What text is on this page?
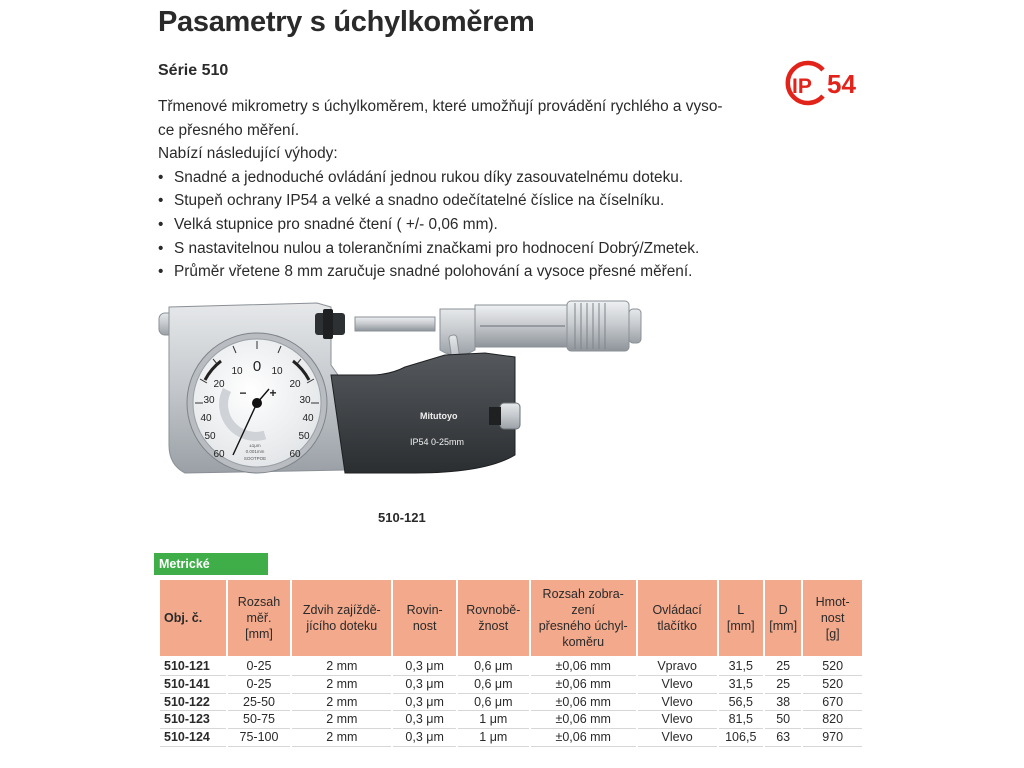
Pasametry s úchylkoměrem
Série 510
IP 54

Třmenové mikrometry s úchylkoměrem, které umožňují provádění rychlého a vyso-

ce přesného měření.

Nabízí následující výhody:

• Snadné a jednoduché ovládání jednou rukou díky zasouvatelnému doteku.
• Stupeň ochrany IP54 a velké a snadno odečítatelné číslice na číselníku.
• Velká stupnice pro snadné čtení ( +/- 0,06 mm).
• S nastavitelnou nulou a tolerančními značkami pro hodnocení Dobrý/Zmetek.
• Průměr vřetene 8 mm zaručuje snadné polohování a vysoce přesné měření.
Mitutoyo
IP54 0-25mm
0
10	10
20	20
30	30
40	40
50	50
60	60
− +
±1μm
0.001mm
SOOTPOE
510-121
Metrické
Obj. č.	Rozsah
měř.
[mm]	Zdvih zajíždě-
jícího doteku	Rovin-
nost	Rovnobě-
žnost	Rozsah zobra-
zení
přesného úchyl-
koměru	Ovládací
tlačítko	L
[mm]	D
[mm]	Hmot-
nost
[g]
510-121	0-25	2 mm	0,3 μm	0,6 μm	±0,06 mm	Vpravo	31,5	25	520
510-141	0-25	2 mm	0,3 μm	0,6 μm	±0,06 mm	Vlevo	31,5	25	520
510-122	25-50	2 mm	0,3 μm	0,6 μm	±0,06 mm	Vlevo	56,5	38	670
510-123	50-75	2 mm	0,3 μm	1 μm	±0,06 mm	Vlevo	81,5	50	820
510-124	75-100	2 mm	0,3 μm	1 μm	±0,06 mm	Vlevo	106,5	63	970
